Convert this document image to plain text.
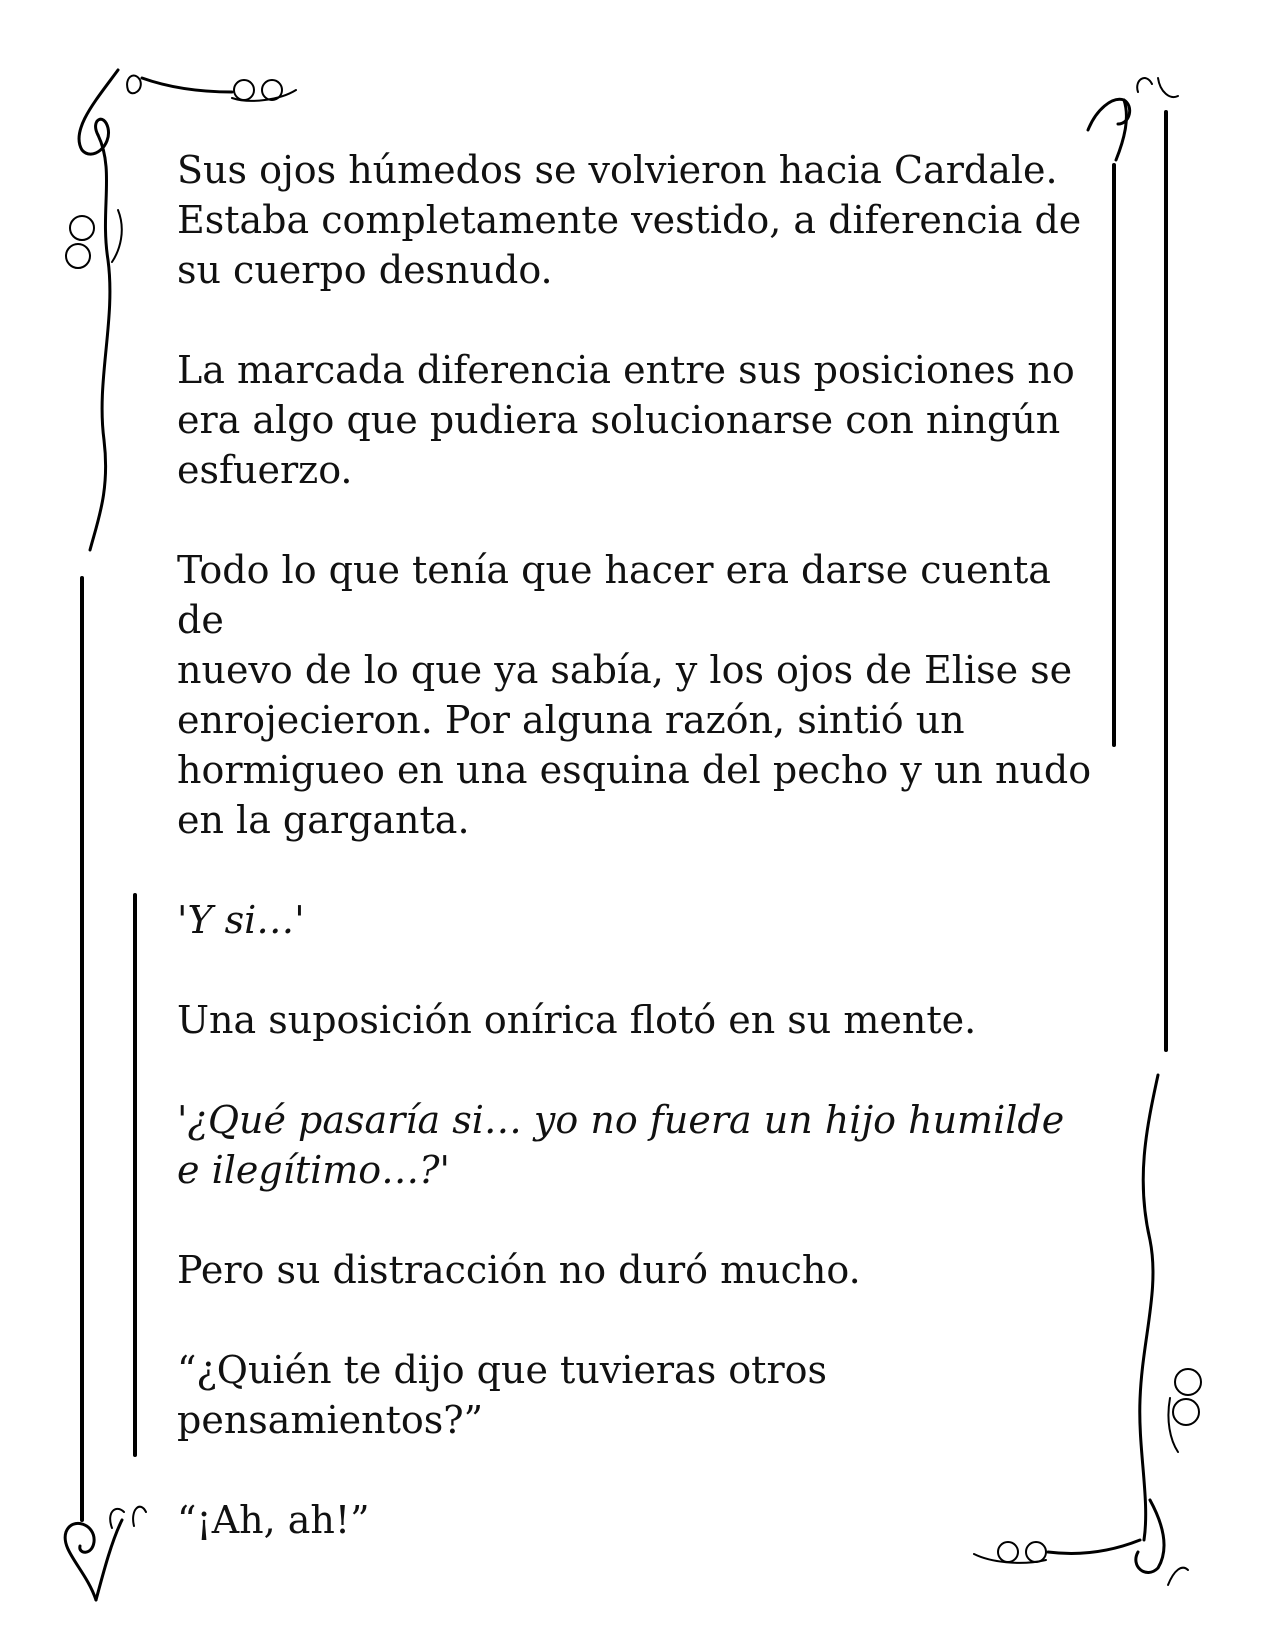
Sus ojos húmedos se volvieron hacia Cardale.
Estaba completamente vestido, a diferencia de
su cuerpo desnudo.

La marcada diferencia entre sus posiciones no
era algo que pudiera solucionarse con ningún
esfuerzo.

Todo lo que tenía que hacer era darse cuenta de
nuevo de lo que ya sabía, y los ojos de Elise se
enrojecieron. Por alguna razón, sintió un
hormigueo en una esquina del pecho y un nudo
en la garganta.

'Y si…'

Una suposición onírica flotó en su mente.

'¿Qué pasaría si… yo no fuera un hijo humilde
e ilegítimo…?'

Pero su distracción no duró mucho.

“¿Quién te dijo que tuvieras otros
pensamientos?”

“¡Ah, ah!”
